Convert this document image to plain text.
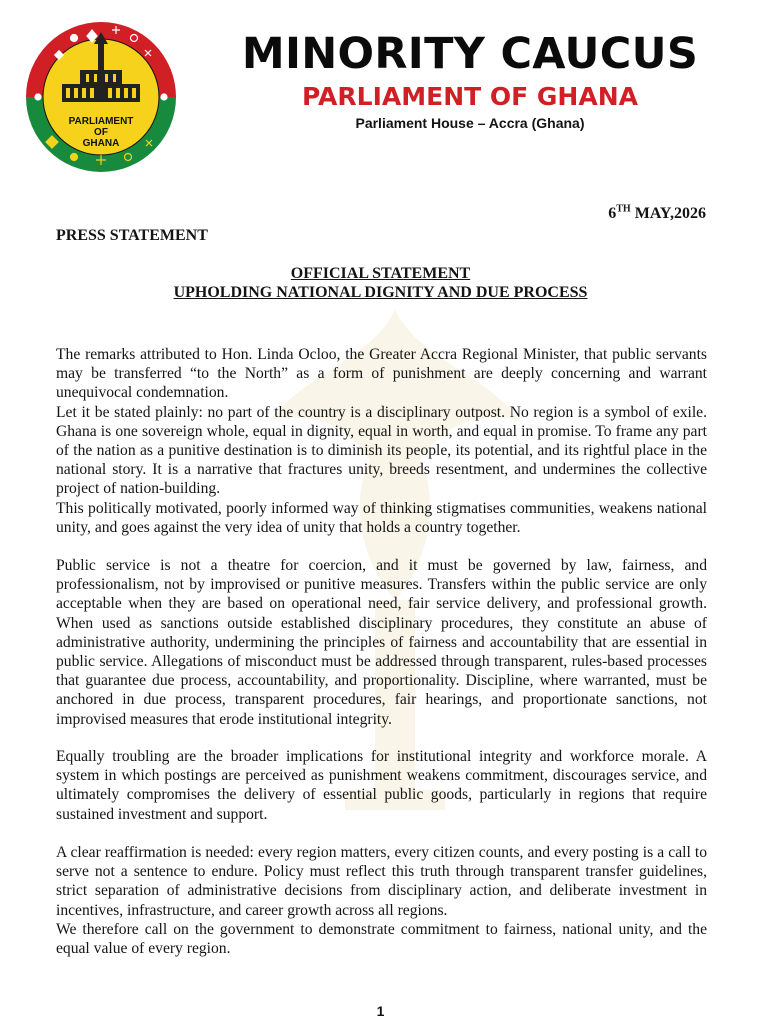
PARLIAMENT
OF
GHANA
MINORITY CAUCUS
PARLIAMENT OF GHANA
Parliament House – Accra (Ghana)
6TH MAY,2026
PRESS STATEMENT
OFFICIAL STATEMENT
UPHOLDING NATIONAL DIGNITY AND DUE PROCESS

The remarks attributed to Hon. Linda Ocloo, the Greater Accra Regional Minister, that public servants may be transferred “to the North” as a form of punishment are deeply concerning and warrant unequivocal condemnation.

Let it be stated plainly: no part of the country is a disciplinary outpost. No region is a symbol of exile. Ghana is one sovereign whole, equal in dignity, equal in worth, and equal in promise. To frame any part of the nation as a punitive destination is to diminish its people, its potential, and its rightful place in the national story. It is a narrative that fractures unity, breeds resentment, and undermines the collective project of nation-building.

This politically motivated, poorly informed way of thinking stigmatises communities, weakens national unity, and goes against the very idea of unity that holds a country together.

Public service is not a theatre for coercion, and it must be governed by law, fairness, and professionalism, not by improvised or punitive measures. Transfers within the public service are only acceptable when they are based on operational need, fair service delivery, and professional growth. When used as sanctions outside established disciplinary procedures, they constitute an abuse of administrative authority, undermining the principles of fairness and accountability that are essential in public service. Allegations of misconduct must be addressed through transparent, rules-based processes that guarantee due process, accountability, and proportionality. Discipline, where warranted, must be anchored in due process, transparent procedures, fair hearings, and proportionate sanctions, not improvised measures that erode institutional integrity.

Equally troubling are the broader implications for institutional integrity and workforce morale. A system in which postings are perceived as punishment weakens commitment, discourages service, and ultimately compromises the delivery of essential public goods, particularly in regions that require sustained investment and support.

A clear reaffirmation is needed: every region matters, every citizen counts, and every posting is a call to serve not a sentence to endure. Policy must reflect this truth through transparent transfer guidelines, strict separation of administrative decisions from disciplinary action, and deliberate investment in incentives, infrastructure, and career growth across all regions.

We therefore call on the government to demonstrate commitment to fairness, national unity, and the equal value of every region.

1
